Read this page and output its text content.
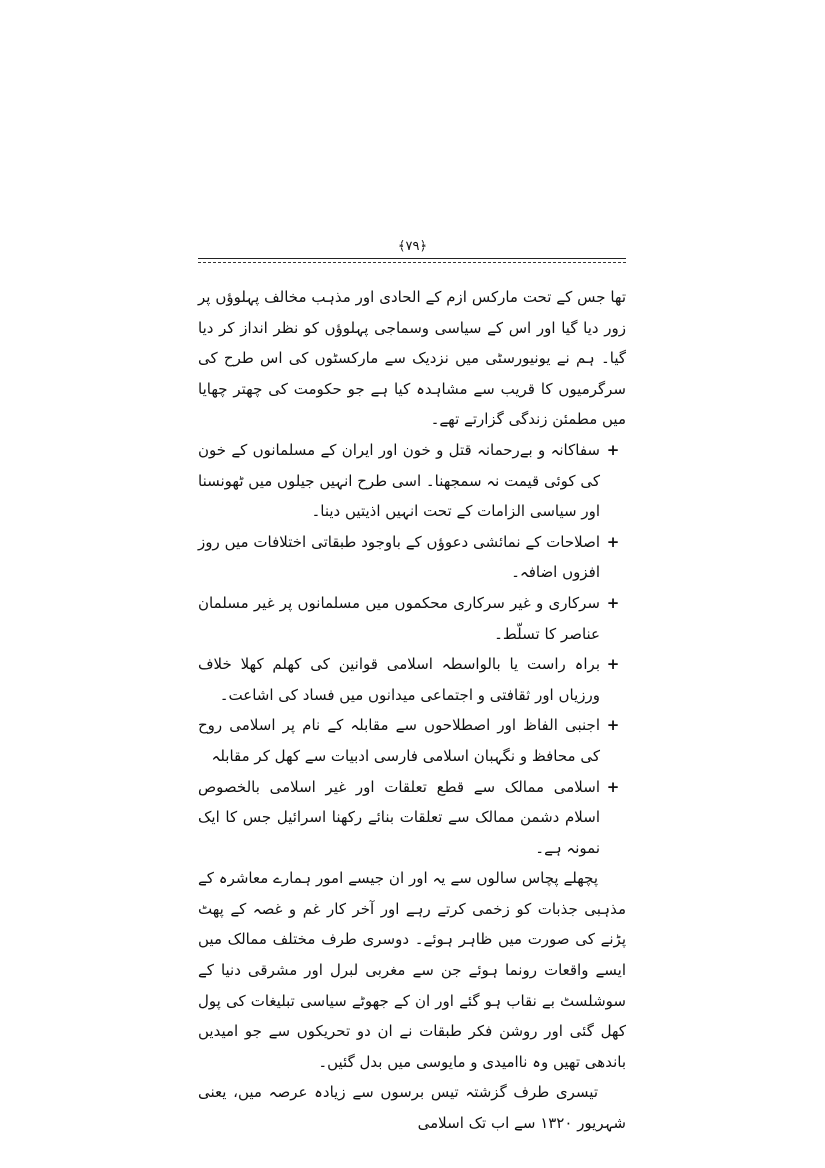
﴿۷۹﴾

تھا جس کے تحت مارکس ازم کے الحادی اور مذہب مخالف پہلوؤں پر زور دیا گیا اور اس کے سیاسی وسماجی پہلوؤں کو نظر انداز کر دیا گیا۔ ہم نے یونیورسٹی میں نزدیک سے مارکسٹوں کی اس طرح کی سرگرمیوں کا قریب سے مشاہدہ کیا ہے جو حکومت کی چھتر چھایا میں مطمئن زندگی گزارتے تھے۔

+
سفاکانہ و بےرحمانہ قتل و خون اور ایران کے مسلمانوں کے خون کی کوئی قیمت نہ سمجھنا۔ اسی طرح انہیں جیلوں میں ٹھونسنا اور سیاسی الزامات کے تحت انہیں اذیتیں دینا۔
+
اصلاحات کے نمائشی دعوؤں کے باوجود طبقاتی اختلافات میں روز افزوں اضافہ۔
+
سرکاری و غیر سرکاری محکموں میں مسلمانوں پر غیر مسلمان عناصر کا تسلّط۔
+
براہ راست یا بالواسطہ اسلامی قوانین کی کھلم کھلا خلاف ورزیاں اور ثقافتی و اجتماعی میدانوں میں فساد کی اشاعت۔
+
اجنبی الفاظ اور اصطلاحوں سے مقابلہ کے نام پر اسلامی روح کی محافظ و نگہبان اسلامی فارسی ادبیات سے کھل کر مقابلہ
+
اسلامی ممالک سے قطع تعلقات اور غیر اسلامی بالخصوص اسلام دشمن ممالک سے تعلقات بنائے رکھنا اسرائیل جس کا ایک نمونہ ہے۔

پچھلے پچاس سالوں سے یہ اور ان جیسے امور ہمارے معاشرہ کے مذہبی جذبات کو زخمی کرتے رہے اور آخر کار غم و غصہ کے پھٹ پڑنے کی صورت میں ظاہر ہوئے۔ دوسری طرف مختلف ممالک میں ایسے واقعات رونما ہوئے جن سے مغربی لبرل اور مشرقی دنیا کے سوشلسٹ بے نقاب ہو گئے اور ان کے جھوٹے سیاسی تبلیغات کی پول کھل گئی اور روشن فکر طبقات نے ان دو تحریکوں سے جو امیدیں باندھی تھیں وہ ناامیدی و مایوسی میں بدل گئیں۔

تیسری طرف گزشتہ تیس برسوں سے زیادہ عرصہ میں، یعنی شہریور ۱۳۲۰ سے اب تک اسلامی
